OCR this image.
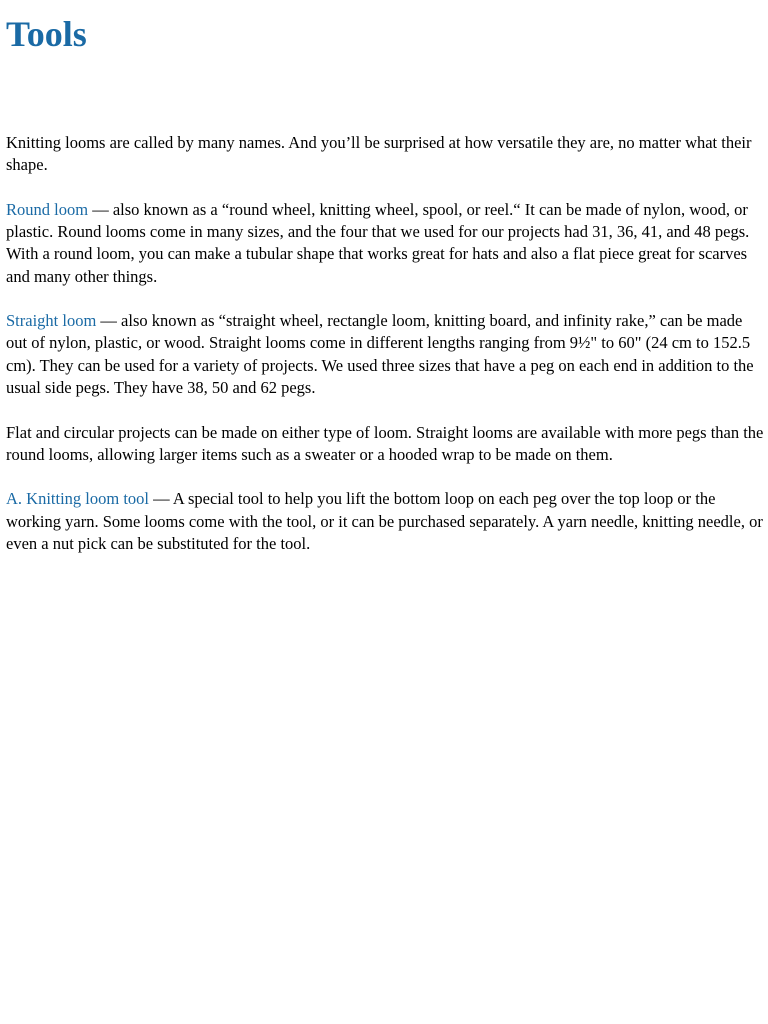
Tools

Knitting looms are called by many names. And you’ll be surprised at how versatile they are, no matter what their shape.

Round loom — also known as a “round wheel, knitting wheel, spool, or reel.“ It can be made of nylon, wood, or plastic. Round looms come in many sizes, and the four that we used for our projects had 31, 36, 41, and 48 pegs. With a round loom, you can make a tubular shape that works great for hats and also a flat piece great for scarves and many other things.

Straight loom — also known as “straight wheel, rectangle loom, knitting board, and infinity rake,” can be made out of nylon, plastic, or wood. Straight looms come in different lengths ranging from 9½" to 60" (24 cm to 152.5 cm). They can be used for a variety of projects. We used three sizes that have a peg on each end in addition to the usual side pegs. They have 38, 50 and 62 pegs.

Flat and circular projects can be made on either type of loom. Straight looms are available with more pegs than the round looms, allowing larger items such as a sweater or a hooded wrap to be made on them.

A. Knitting loom tool — A special tool to help you lift the bottom loop on each peg over the top loop or the working yarn. Some looms come with the tool, or it can be purchased separately. A yarn needle, knitting needle, or even a nut pick can be substituted for the tool.
